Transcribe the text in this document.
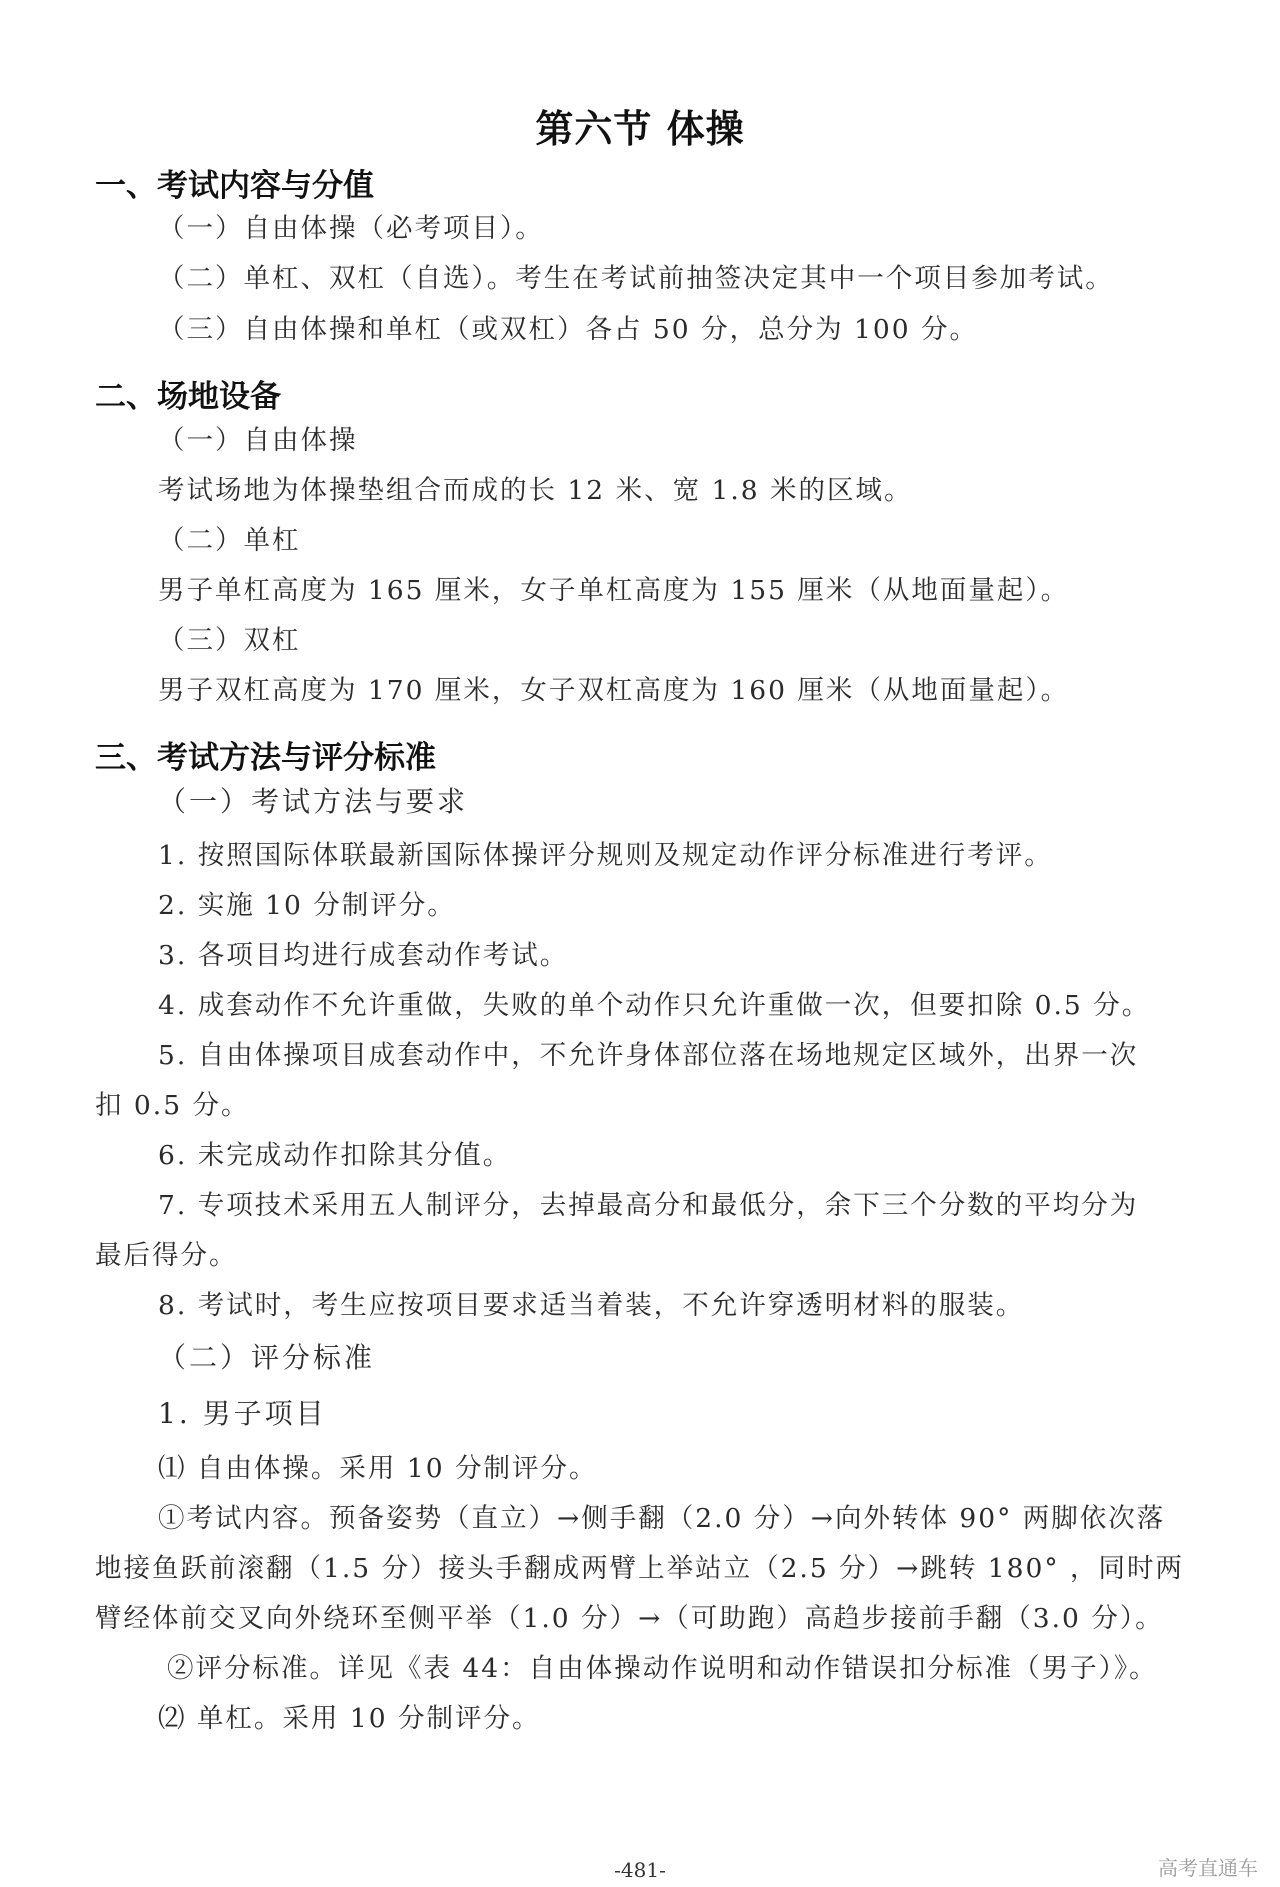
第六节 体操
一、考试内容与分值
（一）自由体操（必考项目）。
（二）单杠、双杠（自选）。考生在考试前抽签决定其中一个项目参加考试。
（三）自由体操和单杠（或双杠）各占 50 分，总分为 100 分。
二、场地设备
（一）自由体操
考试场地为体操垫组合而成的长 12 米、宽 1.8 米的区域。
（二）单杠
男子单杠高度为 165 厘米，女子单杠高度为 155 厘米（从地面量起）。
（三）双杠
男子双杠高度为 170 厘米，女子双杠高度为 160 厘米（从地面量起）。
三、考试方法与评分标准
（一）考试方法与要求
1. 按照国际体联最新国际体操评分规则及规定动作评分标准进行考评。
2. 实施 10 分制评分。
3. 各项目均进行成套动作考试。
4. 成套动作不允许重做，失败的单个动作只允许重做一次，但要扣除 0.5 分。
5. 自由体操项目成套动作中，不允许身体部位落在场地规定区域外，出界一次
扣 0.5 分。
6. 未完成动作扣除其分值。
7. 专项技术采用五人制评分，去掉最高分和最低分，余下三个分数的平均分为
最后得分。
8. 考试时，考生应按项目要求适当着装，不允许穿透明材料的服装。
（二）评分标准
1. 男子项目
⑴ 自由体操。采用 10 分制评分。
①考试内容。预备姿势（直立）→侧手翻（2.0 分）→向外转体 90° 两脚依次落
地接鱼跃前滚翻（1.5 分）接头手翻成两臂上举站立（2.5 分）→跳转 180° ，同时两
臂经体前交叉向外绕环至侧平举（1.0 分）→（可助跑）高趋步接前手翻（3.0 分）。
②评分标准。详见《表 44：自由体操动作说明和动作错误扣分标准（男子）》。
⑵ 单杠。采用 10 分制评分。
-481-	高考直通车
